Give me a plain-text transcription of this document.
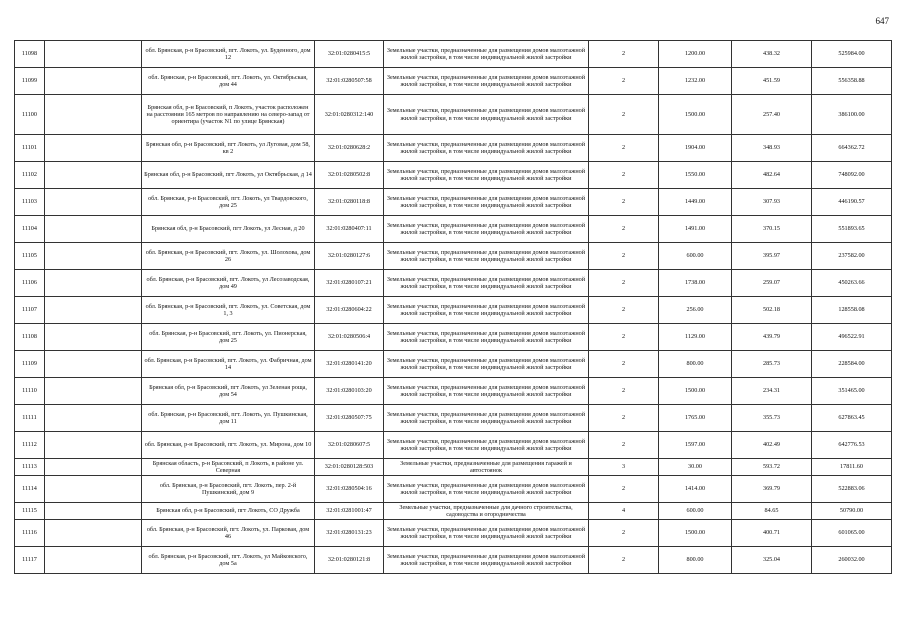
647
11098		обл. Брянская, р-н Брасовский, пгт. Локоть, ул. Буденного, дом 12	32:01:0280415:5	Земельные участки, предназначенные для размещения домов малоэтажной жилой застройки, в том числе индивидуальной жилой застройки	2	1200.00	438.32	525984.00
11099		обл. Брянская, р-н Брасовский, пгт. Локоть, ул. Октябрьская, дом 44	32:01:0280507:58	Земельные участки, предназначенные для размещения домов малоэтажной жилой застройки, в том числе индивидуальной жилой застройки	2	1232.00	451.59	556358.88
11100		Брянская обл, р-н Брасовский, п Локоть, участок расположен на расстоянии 165 метров по направлению на северо-запад от ориентира (участок N1 по улице Брянская)	32:01:0280312:140	Земельные участки, предназначенные для размещения домов малоэтажной жилой застройки, в том числе индивидуальной жилой застройки	2	1500.00	257.40	386100.00
11101		Брянская обл, р-н Брасовский, пгт Локоть, ул Луговая, дом 58, кв 2	32:01:0280628:2	Земельные участки, предназначенные для размещения домов малоэтажной жилой застройки, в том числе индивидуальной жилой застройки	2	1904.00	348.93	664362.72
11102		Брянская обл, р-н Брасовский, пгт Локоть, ул Октябрьская, д 14	32:01:0280502:8	Земельные участки, предназначенные для размещения домов малоэтажной жилой застройки, в том числе индивидуальной жилой застройки	2	1550.00	482.64	748092.00
11103		обл. Брянская, р-н Брасовский, пгт. Локоть, ул Твардовского, дом 25	32:01:0280118:8	Земельные участки, предназначенные для размещения домов малоэтажной жилой застройки, в том числе индивидуальной жилой застройки	2	1449.00	307.93	446190.57
11104		Брянская обл, р-н Брасовский, пгт Локоть, ул Лесная, д 20	32:01:0280407:11	Земельные участки, предназначенные для размещения домов малоэтажной жилой застройки, в том числе индивидуальной жилой застройки	2	1491.00	370.15	551893.65
11105		обл. Брянская, р-н Брасовский, пгт. Локоть, ул. Шолохова, дом 26	32:01:0280127:6	Земельные участки, предназначенные для размещения домов малоэтажной жилой застройки, в том числе индивидуальной жилой застройки	2	600.00	395.97	237582.00
11106		обл. Брянская, р-н Брасовский, пгт. Локоть, ул Лесозаводская, дом 49	32:01:0280107:21	Земельные участки, предназначенные для размещения домов малоэтажной жилой застройки, в том числе индивидуальной жилой застройки	2	1738.00	259.07	450263.66
11107		обл. Брянская, р-н Брасовский, пгт. Локоть, ул. Советская, дом 1, 3	32:01:0280604:22	Земельные участки, предназначенные для размещения домов малоэтажной жилой застройки, в том числе индивидуальной жилой застройки	2	256.00	502.18	128558.08
11108		обл. Брянская, р-н Брасовский, пгт. Локоть, ул. Пионерская, дом 25	32:01:0280506:4	Земельные участки, предназначенные для размещения домов малоэтажной жилой застройки, в том числе индивидуальной жилой застройки	2	1129.00	439.79	496522.91
11109		обл. Брянская, р-н Брасовский, пгт. Локоть, ул. Фабричная, дом 14	32:01:0280141:20	Земельные участки, предназначенные для размещения домов малоэтажной жилой застройки, в том числе индивидуальной жилой застройки	2	800.00	285.73	228584.00
11110		Брянская обл, р-н Брасовский, пгт Локоть, ул Зеленая роща, дом 54	32:01:0280103:20	Земельные участки, предназначенные для размещения домов малоэтажной жилой застройки, в том числе индивидуальной жилой застройки	2	1500.00	234.31	351465.00
11111		обл. Брянская, р-н Брасовский, пгт. Локоть, ул. Пушкинская, дом 11	32:01:0280507:75	Земельные участки, предназначенные для размещения домов малоэтажной жилой застройки, в том числе индивидуальной жилой застройки	2	1765.00	355.73	627863.45
11112		обл. Брянская, р-н Брасовский, пгт. Локоть, ул. Мирона, дом 10	32:01:0280607:5	Земельные участки, предназначенные для размещения домов малоэтажной жилой застройки, в том числе индивидуальной жилой застройки	2	1597.00	402.49	642776.53
11113		Брянская область, р-н Брасовский, п Локоть, в районе ул. Северная	32:01:0280128:503	Земельные участки, предназначенные для размещения гаражей и автостоянок	3	30.00	593.72	17811.60
11114		обл. Брянская, р-н Брасовский, пгт. Локоть, пер. 2-й Пушкинский, дом 9	32:01:0280504:16	Земельные участки, предназначенные для размещения домов малоэтажной жилой застройки, в том числе индивидуальной жилой застройки	2	1414.00	369.79	522883.06
11115		Брянская обл, р-н Брасовский, пгт Локоть, СО Дружба	32:01:0281001:47	Земельные участки, предназначенные для дачного строительства, садоводства и огородничества	4	600.00	84.65	50790.00
11116		обл. Брянская, р-н Брасовский, пгт. Локоть, ул. Парковая, дом 46	32:01:0280131:23	Земельные участки, предназначенные для размещения домов малоэтажной жилой застройки, в том числе индивидуальной жилой застройки	2	1500.00	400.71	601065.00
11117		обл. Брянская, р-н Брасовский, пгт. Локоть, ул Майковского, дом 5а	32:01:0280121:8	Земельные участки, предназначенные для размещения домов малоэтажной жилой застройки, в том числе индивидуальной жилой застройки	2	800.00	325.04	260032.00
